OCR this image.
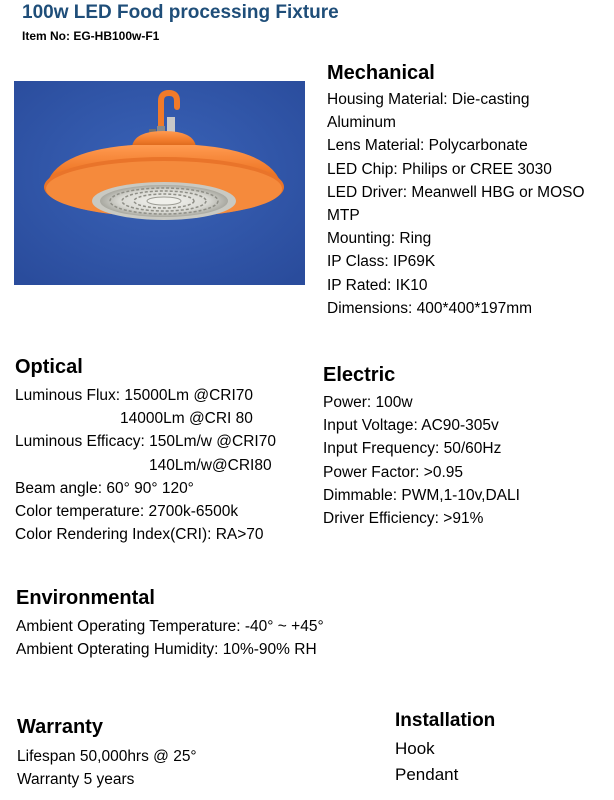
100w LED Food processing Fixture
Item No: EG-HB100w-F1
Mechanical
Housing Material: Die-casting
Aluminum
Lens Material: Polycarbonate
LED Chip: Philips or CREE 3030
LED Driver: Meanwell HBG or MOSO
MTP
Mounting: Ring
IP Class: IP69K
IP Rated: IK10
Dimensions: 400*400*197mm
Optical
Luminous Flux: 15000Lm @CRI70
14000Lm @CRI 80
Luminous Efficacy: 150Lm/w @CRI70
140Lm/w@CRI80
Beam angle: 60° 90° 120°
Color temperature: 2700k-6500k
Color Rendering Index(CRI): RA>70
Electric
Power: 100w
Input Voltage: AC90-305v
Input Frequency: 50/60Hz
Power Factor: >0.95
Dimmable: PWM,1-10v,DALI
Driver Efficiency: >91%
Environmental
Ambient Operating Temperature: -40° ~ +45°
Ambient Opterating Humidity: 10%-90% RH
Warranty
Lifespan 50,000hrs @ 25°
Warranty 5 years
Installation
Hook
Pendant
